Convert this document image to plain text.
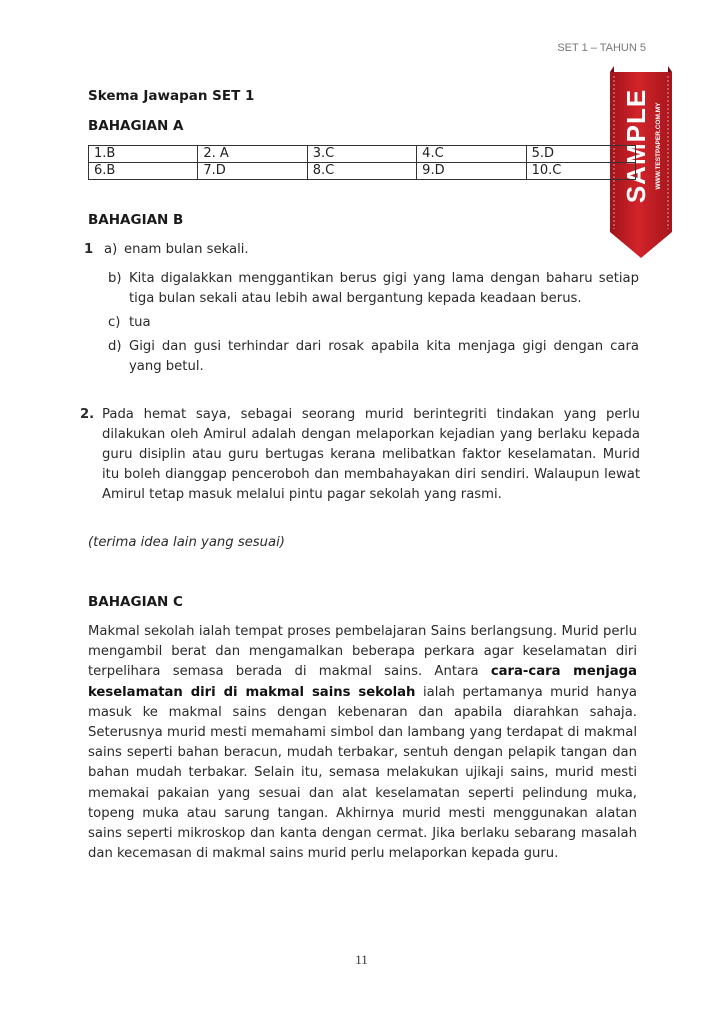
SET 1 – TAHUN 5
SAMPLE WWW.TESTPAPER.COM.MY
Skema Jawapan SET 1
BAHAGIAN A
1.B	2. A	3.C	4.C	5.D
6.B	7.D	8.C	9.D	10.C
BAHAGIAN B
1 a) enam bulan sekali.
b) Kita digalakkan menggantikan berus gigi yang lama dengan baharu setiap tiga bulan sekali atau lebih awal bergantung kepada keadaan berus.
c) tua
d) Gigi dan gusi terhindar dari rosak apabila kita menjaga gigi dengan cara yang betul.
2. Pada hemat saya, sebagai seorang murid berintegriti tindakan yang perlu dilakukan oleh Amirul adalah dengan melaporkan kejadian yang berlaku kepada guru disiplin atau guru bertugas kerana melibatkan faktor keselamatan. Murid itu boleh dianggap penceroboh dan membahayakan diri sendiri. Walaupun lewat Amirul tetap masuk melalui pintu pagar sekolah yang rasmi.
(terima idea lain yang sesuai)
BAHAGIAN C
Makmal sekolah ialah tempat proses pembelajaran Sains berlangsung. Murid perlu mengambil berat dan mengamalkan beberapa perkara agar keselamatan diri terpelihara semasa berada di makmal sains. Antara cara-cara menjaga keselamatan diri di makmal sains sekolah ialah pertamanya murid hanya masuk ke makmal sains dengan kebenaran dan apabila diarahkan sahaja. Seterusnya murid mesti memahami simbol dan lambang yang terdapat di makmal sains seperti bahan beracun, mudah terbakar, sentuh dengan pelapik tangan dan bahan mudah terbakar. Selain itu, semasa melakukan ujikaji sains, murid mesti memakai pakaian yang sesuai dan alat keselamatan seperti pelindung muka, topeng muka atau sarung tangan. Akhirnya murid mesti menggunakan alatan sains seperti mikroskop dan kanta dengan cermat. Jika berlaku sebarang masalah dan kecemasan di makmal sains murid perlu melaporkan kepada guru.
11
